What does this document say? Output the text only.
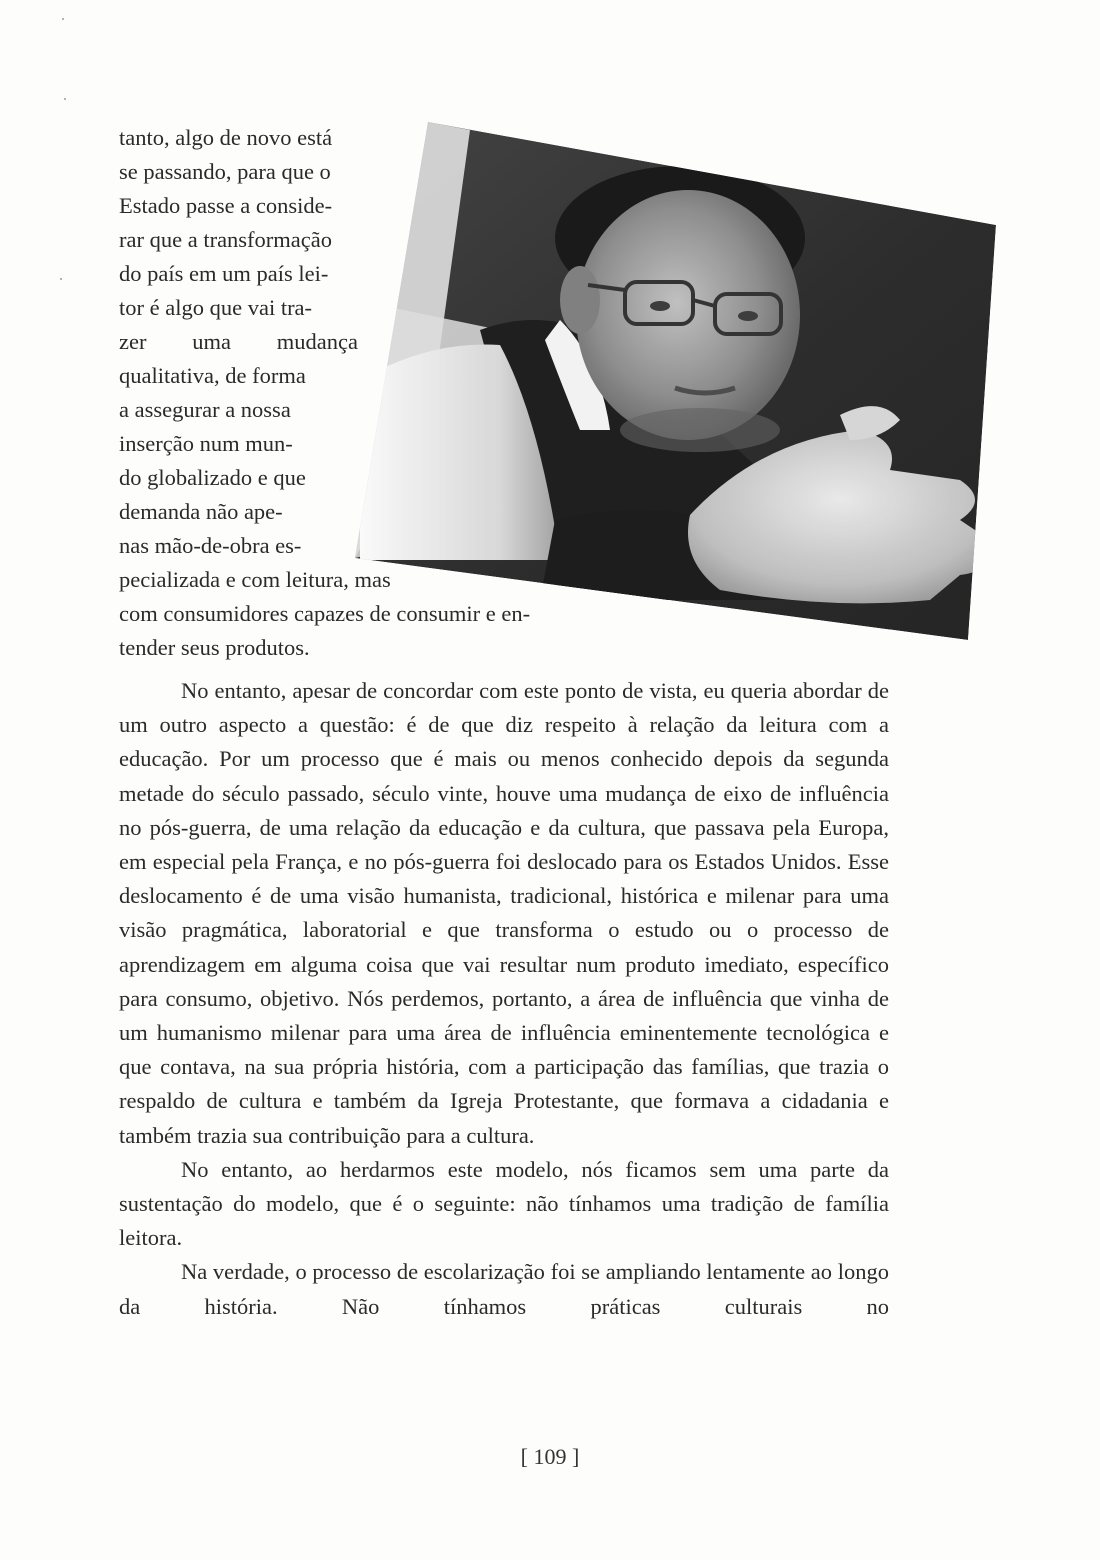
tanto, algo de novo está
se passando, para que o
Estado passe a conside-
rar que a transformação
do país em um país lei-
tor é algo que vai tra-
zer uma mudança
qualitativa, de forma
a assegurar a nossa
inserção num mun-
do globalizado e que
demanda não ape-
nas mão-de-obra es-
pecializada e com leitura, mas
com consumidores capazes de consumir e en-
tender seus produtos.

No entanto, apesar de concordar com este ponto de vista, eu queria abordar de um outro aspecto a questão: é de que diz respeito à relação da leitura com a educação. Por um processo que é mais ou menos conhecido depois da segunda metade do século passado, século vinte, houve uma mudança de eixo de influência no pós-guerra, de uma relação da educação e da cultura, que passava pela Europa, em especial pela França, e no pós-guerra foi deslocado para os Estados Unidos. Esse deslocamento é de uma visão humanista, tradicional, histórica e milenar para uma visão pragmática, laboratorial e que transforma o estudo ou o processo de aprendizagem em alguma coisa que vai resultar num produto imediato, específico para consumo, objetivo. Nós perdemos, portanto, a área de influência que vinha de um humanismo milenar para uma área de influência eminentemente tecnológica e que contava, na sua própria história, com a participação das famílias, que trazia o respaldo de cultura e também da Igreja Protestante, que formava a cidadania e também trazia sua contribuição para a cultura.

No entanto, ao herdarmos este modelo, nós ficamos sem uma parte da sustentação do modelo, que é o seguinte: não tínhamos uma tradição de família leitora.

Na verdade, o processo de escolarização foi se ampliando lentamente ao longo da história. Não tínhamos práticas culturais no

[ 109 ]
